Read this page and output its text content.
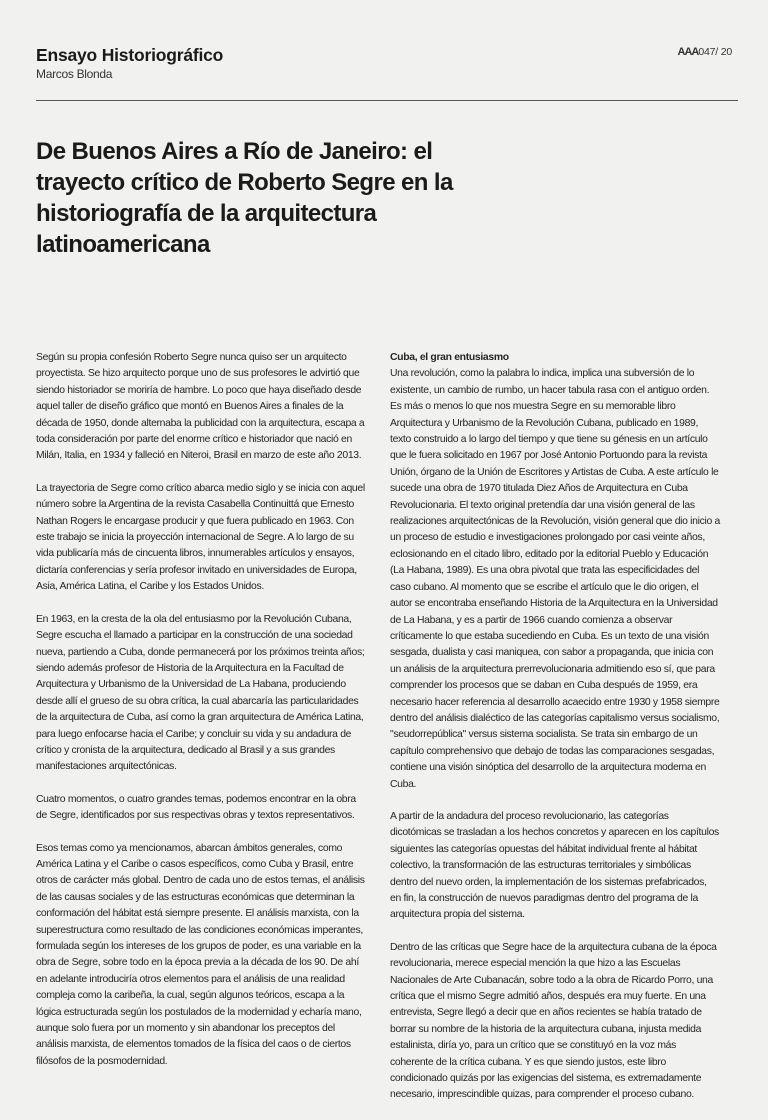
Ensayo Historiográfico
Marcos Blonda
AAA047/ 20
De Buenos Aires a Río de Janeiro: el trayecto crítico de Roberto Segre en la historiografía de la arquitectura latinoamericana

Según su propia confesión Roberto Segre nunca quiso ser un arquitecto proyectista. Se hizo arquitecto porque uno de sus profesores le advirtió que siendo historiador se moriría de hambre. Lo poco que haya diseñado desde aquel taller de diseño gráfico que montó en Buenos Aires a finales de la década de 1950, donde alternaba la publicidad con la arquitectura, escapa a toda consideración por parte del enorme crítico e historiador que nació en Milán, Italia, en 1934 y falleció en Niteroi, Brasil en marzo de este año 2013.

La trayectoria de Segre como crítico abarca medio siglo y se inicia con aquel número sobre la Argentina de la revista Casabella Continuittá que Ernesto Nathan Rogers le encargase producir y que fuera publicado en 1963. Con este trabajo se inicia la proyección internacional de Segre. A lo largo de su vida publicaría más de cincuenta libros, innumerables artículos y ensayos, dictaría conferencias y sería profesor invitado en universidades de Europa, Asia, América Latina, el Caribe y los Estados Unidos.

En 1963, en la cresta de la ola del entusiasmo por la Revolución Cubana, Segre escucha el llamado a participar en la construcción de una sociedad nueva, partiendo a Cuba, donde permanecerá por los próximos treinta años; siendo además profesor de Historia de la Arquitectura en la Facultad de Arquitectura y Urbanismo de la Universidad de La Habana, produciendo desde allí el grueso de su obra crítica, la cual abarcaría las particularidades de la arquitectura de Cuba, así como la gran arquitectura de América Latina, para luego enfocarse hacia el Caribe; y concluir su vida y su andadura de crítico y cronista de la arquitectura, dedicado al Brasil y a sus grandes manifestaciones arquitectónicas.

Cuatro momentos, o cuatro grandes temas, podemos encontrar en la obra de Segre, identificados por sus respectivas obras y textos representativos.

Esos temas como ya mencionamos, abarcan ámbitos generales, como América Latina y el Caribe o casos específicos, como Cuba y Brasil, entre otros de carácter más global. Dentro de cada uno de estos temas, el análisis de las causas sociales y de las estructuras económicas que determinan la conformación del hábitat está siempre presente. El análisis marxista, con la superestructura como resultado de las condiciones económicas imperantes, formulada según los intereses de los grupos de poder, es una variable en la obra de Segre, sobre todo en la época previa a la década de los 90. De ahí en adelante introduciría otros elementos para el análisis de una realidad compleja como la caribeña, la cual, según algunos teóricos, escapa a la lógica estructurada según los postulados de la modernidad y echaría mano, aunque solo fuera por un momento y sin abandonar los preceptos del análisis marxista, de elementos tomados de la física del caos o de ciertos filósofos de la posmodernidad.

Cuba, el gran entusiasmo

Una revolución, como la palabra lo indica, implica una subversión de lo existente, un cambio de rumbo, un hacer tabula rasa con el antiguo orden. Es más o menos lo que nos muestra Segre en su memorable libro Arquitectura y Urbanismo de la Revolución Cubana, publicado en 1989, texto construido a lo largo del tiempo y que tiene su génesis en un artículo que le fuera solicitado en 1967 por José Antonio Portuondo para la revista Unión, órgano de la Unión de Escritores y Artistas de Cuba. A este artículo le sucede una obra de 1970 titulada Diez Años de Arquitectura en Cuba Revolucionaria. El texto original pretendía dar una visión general de las realizaciones arquitectónicas de la Revolución, visión general que dio inicio a un proceso de estudio e investigaciones prolongado por casi veinte años, eclosionando en el citado libro, editado por la editorial Pueblo y Educación (La Habana, 1989). Es una obra pivotal que trata las especificidades del caso cubano. Al momento que se escribe el artículo que le dio origen, el autor se encontraba enseñando Historia de la Arquitectura en la Universidad de La Habana, y es a partir de 1966 cuando comienza a observar críticamente lo que estaba sucediendo en Cuba. Es un texto de una visión sesgada, dualista y casi maniquea, con sabor a propaganda, que inicia con un análisis de la arquitectura prerrevolucionaria admitiendo eso sí, que para comprender los procesos que se daban en Cuba después de 1959, era necesario hacer referencia al desarrollo acaecido entre 1930 y 1958 siempre dentro del análisis dialéctico de las categorías capitalismo versus socialismo, "seudorrepública" versus sistema socialista. Se trata sin embargo de un capítulo comprehensivo que debajo de todas las comparaciones sesgadas, contiene una visión sinóptica del desarrollo de la arquitectura moderna en Cuba.

A partir de la andadura del proceso revolucionario, las categorías dicotómicas se trasladan a los hechos concretos y aparecen en los capítulos siguientes las categorías opuestas del hábitat individual frente al hábitat colectivo, la transformación de las estructuras territoriales y simbólicas dentro del nuevo orden, la implementación de los sistemas prefabricados, en fin, la construcción de nuevos paradigmas dentro del programa de la arquitectura propia del sistema.

Dentro de las críticas que Segre hace de la arquitectura cubana de la época revolucionaria, merece especial mención la que hizo a las Escuelas Nacionales de Arte Cubanacán, sobre todo a la obra de Ricardo Porro, una crítica que el mismo Segre admitió años, después era muy fuerte. En una entrevista, Segre llegó a decir que en años recientes se había tratado de borrar su nombre de la historia de la arquitectura cubana, injusta medida estalinista, diría yo, para un crítico que se constituyó en la voz más coherente de la crítica cubana. Y es que siendo justos, este libro condicionado quizás por las exigencias del sistema, es extremadamente necesario, imprescindible quizas, para comprender el proceso cubano.
